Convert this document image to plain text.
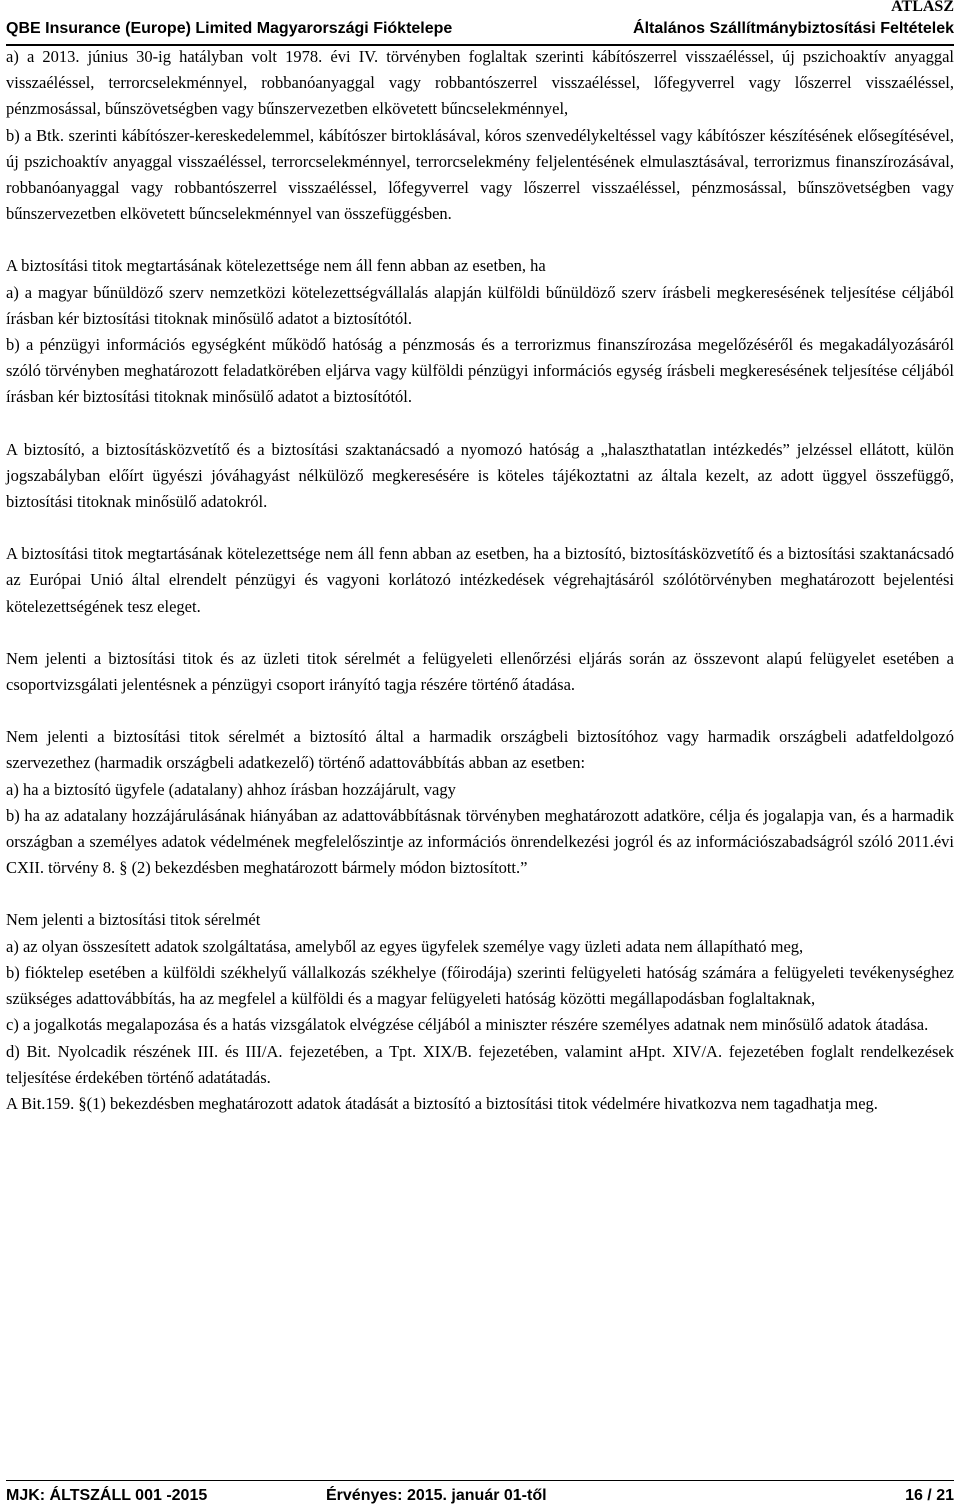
ATLASZ
QBE Insurance (Europe) Limited Magyarországi Fióktelepe	Általános Szállítmánybiztosítási Feltételek

a) a 2013. június 30-ig hatályban volt 1978. évi IV. törvényben foglaltak szerinti kábítószerrel visszaéléssel, új pszichoaktív anyaggal visszaéléssel, terrorcselekménnyel, robbanóanyaggal vagy robbantószerrel visszaéléssel, lőfegyverrel vagy lőszerrel visszaéléssel, pénzmosással, bűnszövetségben vagy bűnszervezetben elkövetett bűncselekménnyel,

b) a Btk. szerinti kábítószer-kereskedelemmel, kábítószer birtoklásával, kóros szenvedélykeltéssel vagy kábítószer készítésének elősegítésével, új pszichoaktív anyaggal visszaéléssel, terrorcselekménnyel, terrorcselekmény feljelentésének elmulasztásával, terrorizmus finanszírozásával, robbanóanyaggal vagy robbantószerrel visszaéléssel, lőfegyverrel vagy lőszerrel visszaéléssel, pénzmosással, bűnszövetségben vagy bűnszervezetben elkövetett bűncselekménnyel van összefüggésben.

A biztosítási titok megtartásának kötelezettsége nem áll fenn abban az esetben, ha

a) a magyar bűnüldöző szerv nemzetközi kötelezettségvállalás alapján külföldi bűnüldöző szerv írásbeli megkeresésének teljesítése céljából írásban kér biztosítási titoknak minősülő adatot a biztosítótól.

b) a pénzügyi információs egységként működő hatóság a pénzmosás és a terrorizmus finanszírozása megelőzéséről és megakadályozásáról szóló törvényben meghatározott feladatkörében eljárva vagy külföldi pénzügyi információs egység írásbeli megkeresésének teljesítése céljából írásban kér biztosítási titoknak minősülő adatot a biztosítótól.

A biztosító, a biztosításközvetítő és a biztosítási szaktanácsadó a nyomozó hatóság a „halaszthatatlan intézkedés” jelzéssel ellátott, külön jogszabályban előírt ügyészi jóváhagyást nélkülöző megkeresésére is köteles tájékoztatni az általa kezelt, az adott üggyel összefüggő, biztosítási titoknak minősülő adatokról.

A biztosítási titok megtartásának kötelezettsége nem áll fenn abban az esetben, ha a biztosító, biztosításközvetítő és a biztosítási szaktanácsadó az Európai Unió által elrendelt pénzügyi és vagyoni korlátozó intézkedések végrehajtásáról szólótörvényben meghatározott bejelentési kötelezettségének tesz eleget.

Nem jelenti a biztosítási titok és az üzleti titok sérelmét a felügyeleti ellenőrzési eljárás során az összevont alapú felügyelet esetében a csoportvizsgálati jelentésnek a pénzügyi csoport irányító tagja részére történő átadása.

Nem jelenti a biztosítási titok sérelmét a biztosító által a harmadik országbeli biztosítóhoz vagy harmadik országbeli adatfeldolgozó szervezethez (harmadik országbeli adatkezelő) történő adattovábbítás abban az esetben:

a) ha a biztosító ügyfele (adatalany) ahhoz írásban hozzájárult, vagy

b) ha az adatalany hozzájárulásának hiányában az adattovábbításnak törvényben meghatározott adatköre, célja és jogalapja van, és a harmadik országban a személyes adatok védelmének megfelelőszintje az információs önrendelkezési jogról és az információszabadságról szóló 2011.évi CXII. törvény 8. § (2) bekezdésben meghatározott bármely módon biztosított.”

Nem jelenti a biztosítási titok sérelmét

a) az olyan összesített adatok szolgáltatása, amelyből az egyes ügyfelek személye vagy üzleti adata nem állapítható meg,

b) fióktelep esetében a külföldi székhelyű vállalkozás székhelye (főirodája) szerinti felügyeleti hatóság számára a felügyeleti tevékenységhez szükséges adattovábbítás, ha az megfelel a külföldi és a magyar felügyeleti hatóság közötti megállapodásban foglaltaknak,

c) a jogalkotás megalapozása és a hatás vizsgálatok elvégzése céljából a miniszter részére személyes adatnak nem minősülő adatok átadása.

d) Bit. Nyolcadik részének III. és III/A. fejezetében, a Tpt. XIX/B. fejezetében, valamint aHpt. XIV/A. fejezetében foglalt rendelkezések teljesítése érdekében történő adatátadás.

A Bit.159. §(1) bekezdésben meghatározott adatok átadását a biztosító a biztosítási titok védelmére hivatkozva nem tagadhatja meg.

MJK: ÁLTSZÁLL 001 -2015	Érvényes: 2015. január 01-től	16 / 21
